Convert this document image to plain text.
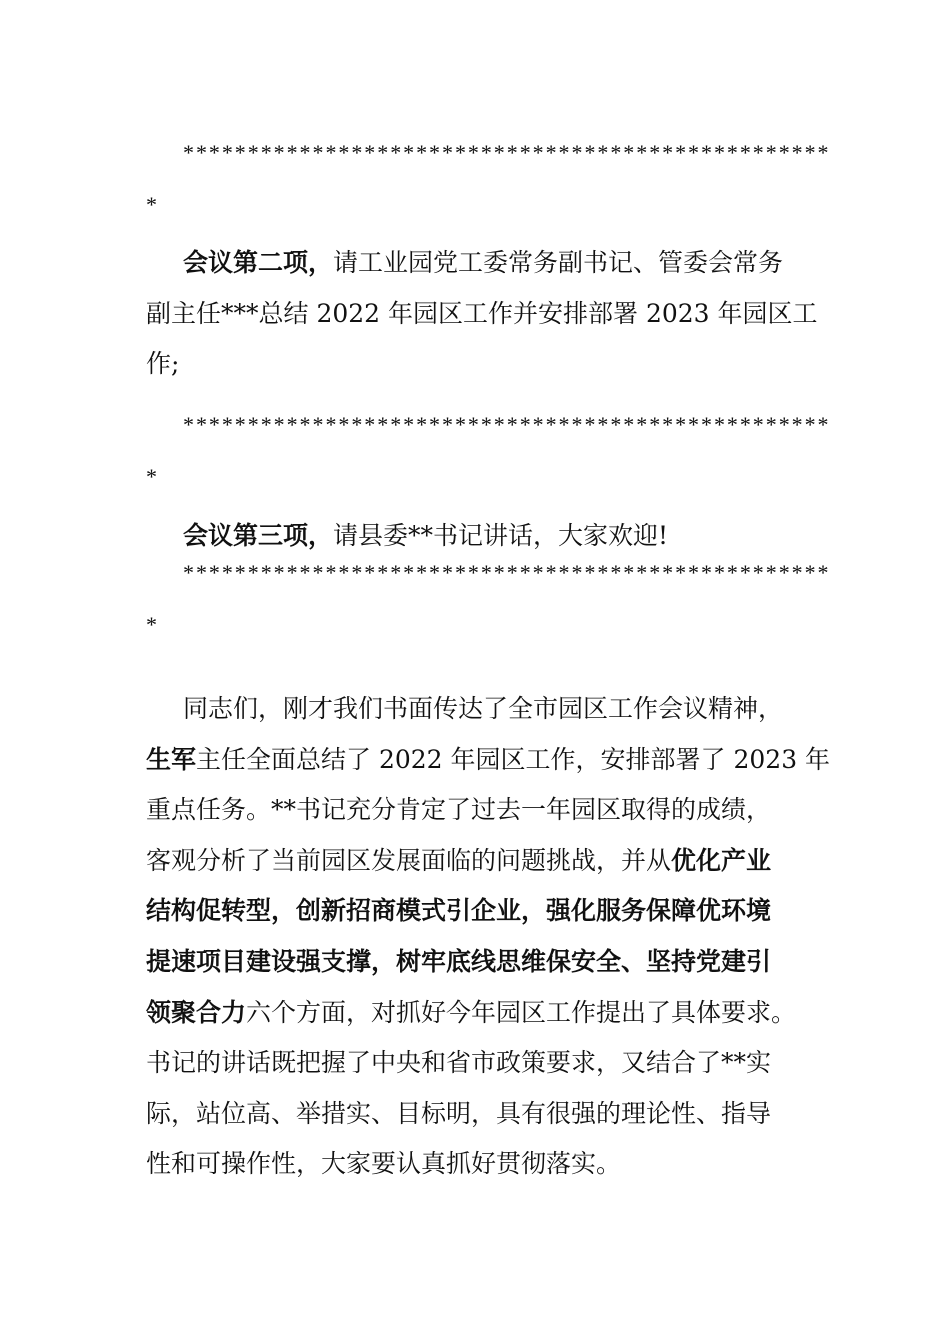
**************************************************
*
会议第二项，请工业园党工委常务副书记、管委会常务
副主任***总结 2022 年园区工作并安排部署 2023 年园区工
作;
**************************************************
*
会议第三项，请县委**书记讲话，大家欢迎!
**************************************************
*
同志们，刚才我们书面传达了全市园区工作会议精神，
生军主任全面总结了 2022 年园区工作，安排部署了 2023 年
重点任务。**书记充分肯定了过去一年园区取得的成绩，
客观分析了当前园区发展面临的问题挑战，并从优化产业
结构促转型，创新招商模式引企业，强化服务保障优环境
提速项目建设强支撑，树牢底线思维保安全、坚持党建引
领聚合力六个方面，对抓好今年园区工作提出了具体要求。
书记的讲话既把握了中央和省市政策要求，又结合了**实
际，站位高、举措实、目标明，具有很强的理论性、指导
性和可操作性，大家要认真抓好贯彻落实。
